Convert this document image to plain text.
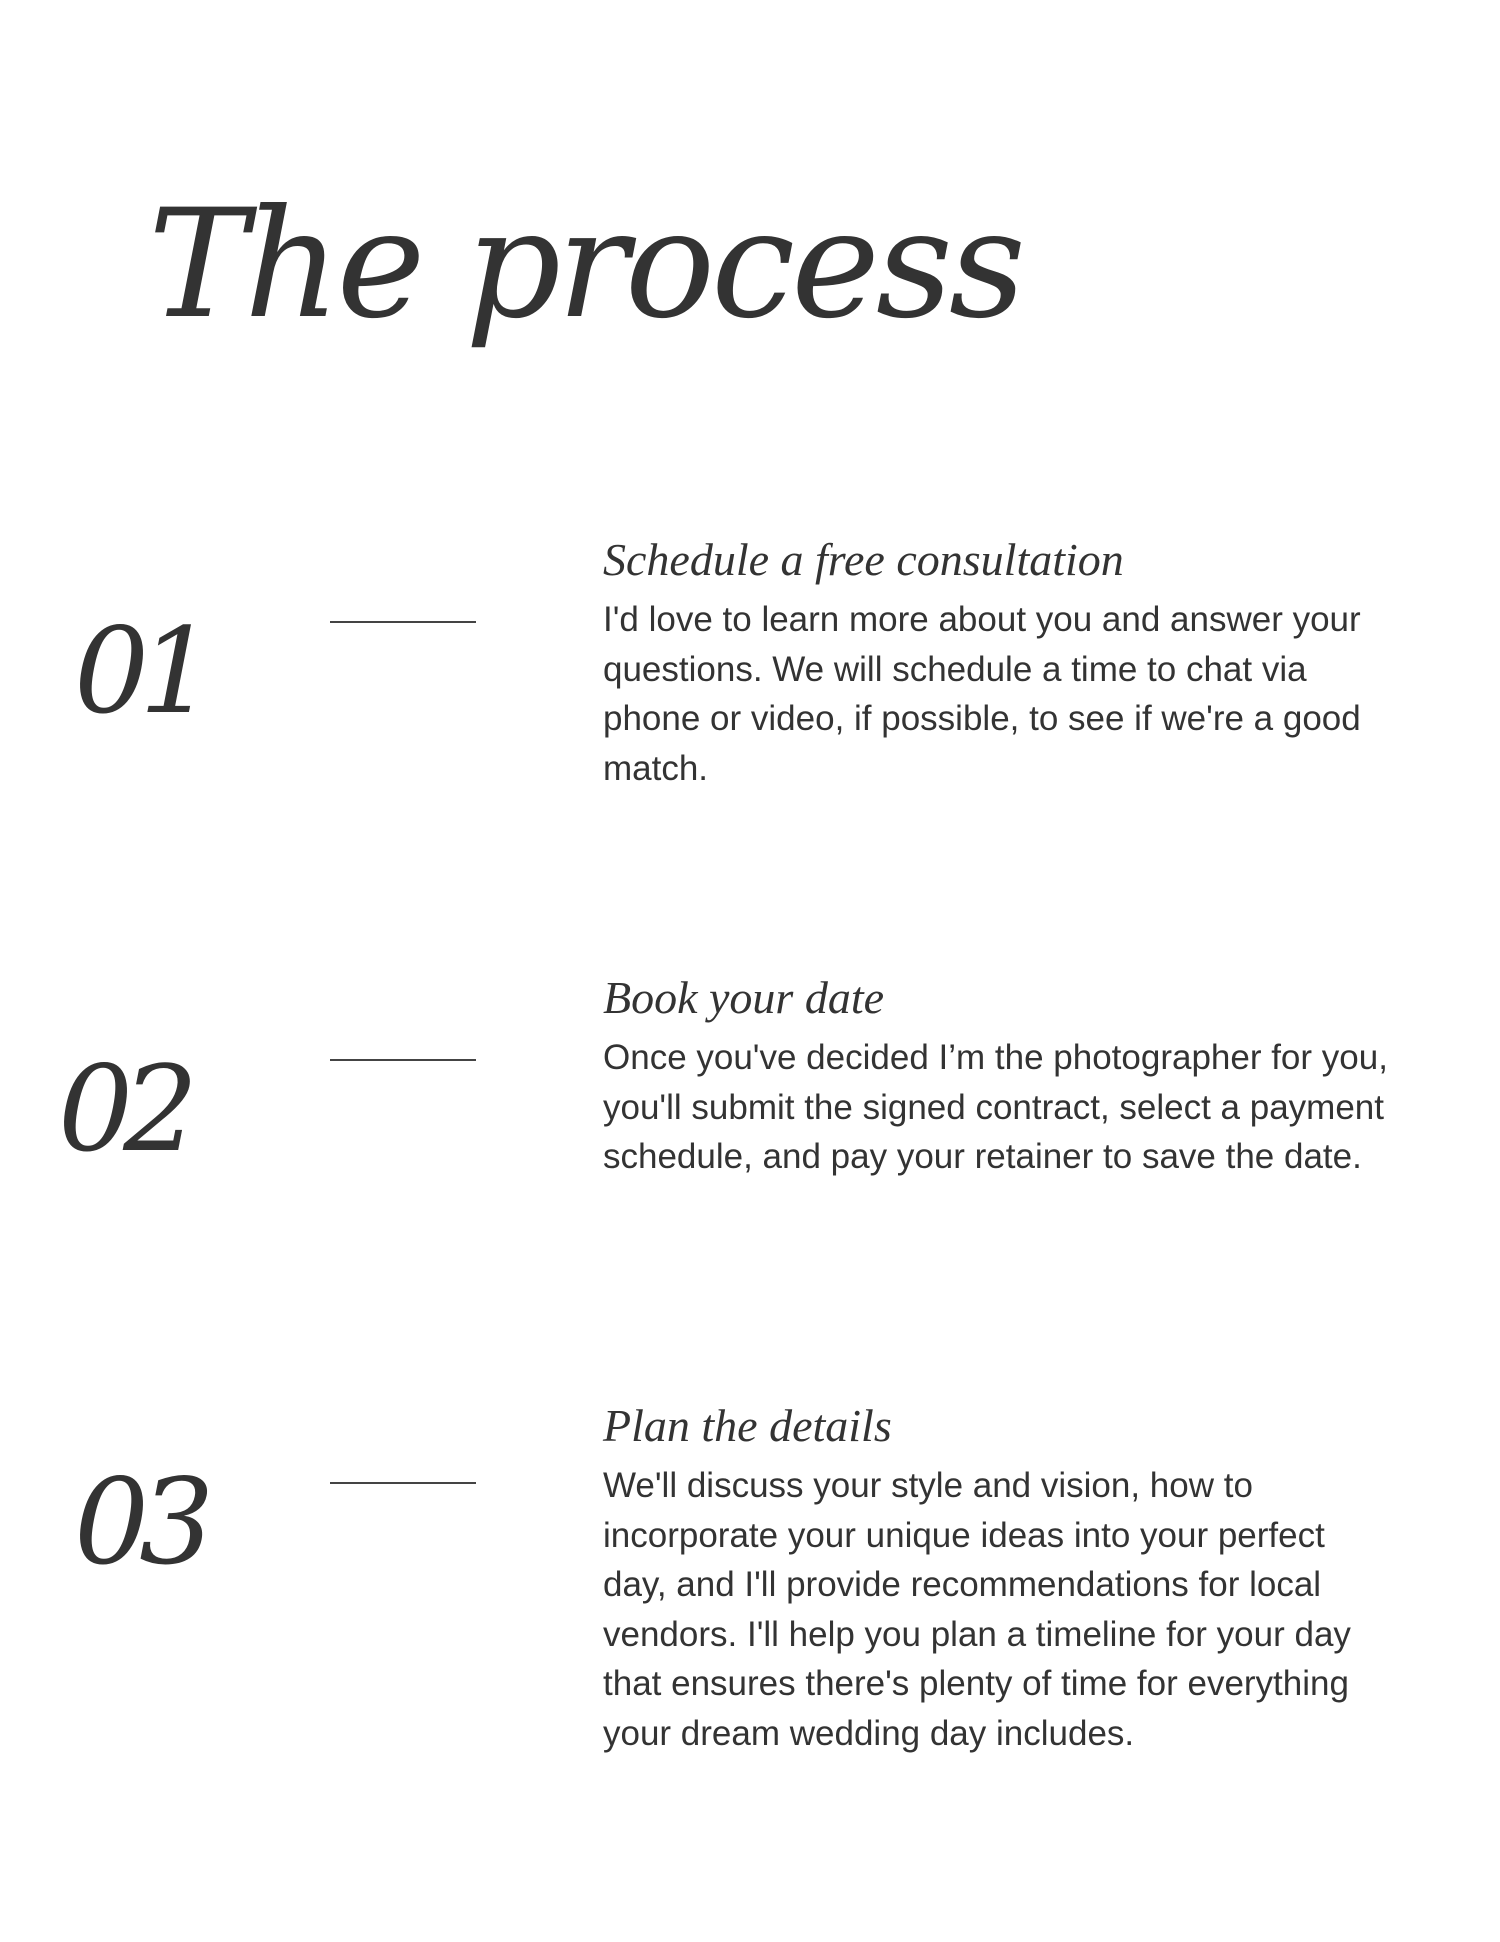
The process
01
Schedule a free consultation

I'd love to learn more about you and answer your questions. We will schedule a time to chat via phone or video, if possible, to see if we're a good match.

02
Book your date

Once you've decided I’m the photographer for you, you'll submit the signed contract, select a payment schedule, and pay your retainer to save the date.

03
Plan the details

We'll discuss your style and vision, how to incorporate your unique ideas into your perfect day, and I'll provide recommendations for local vendors. I'll help you plan a timeline for your day that ensures there's plenty of time for everything your dream wedding day includes.
